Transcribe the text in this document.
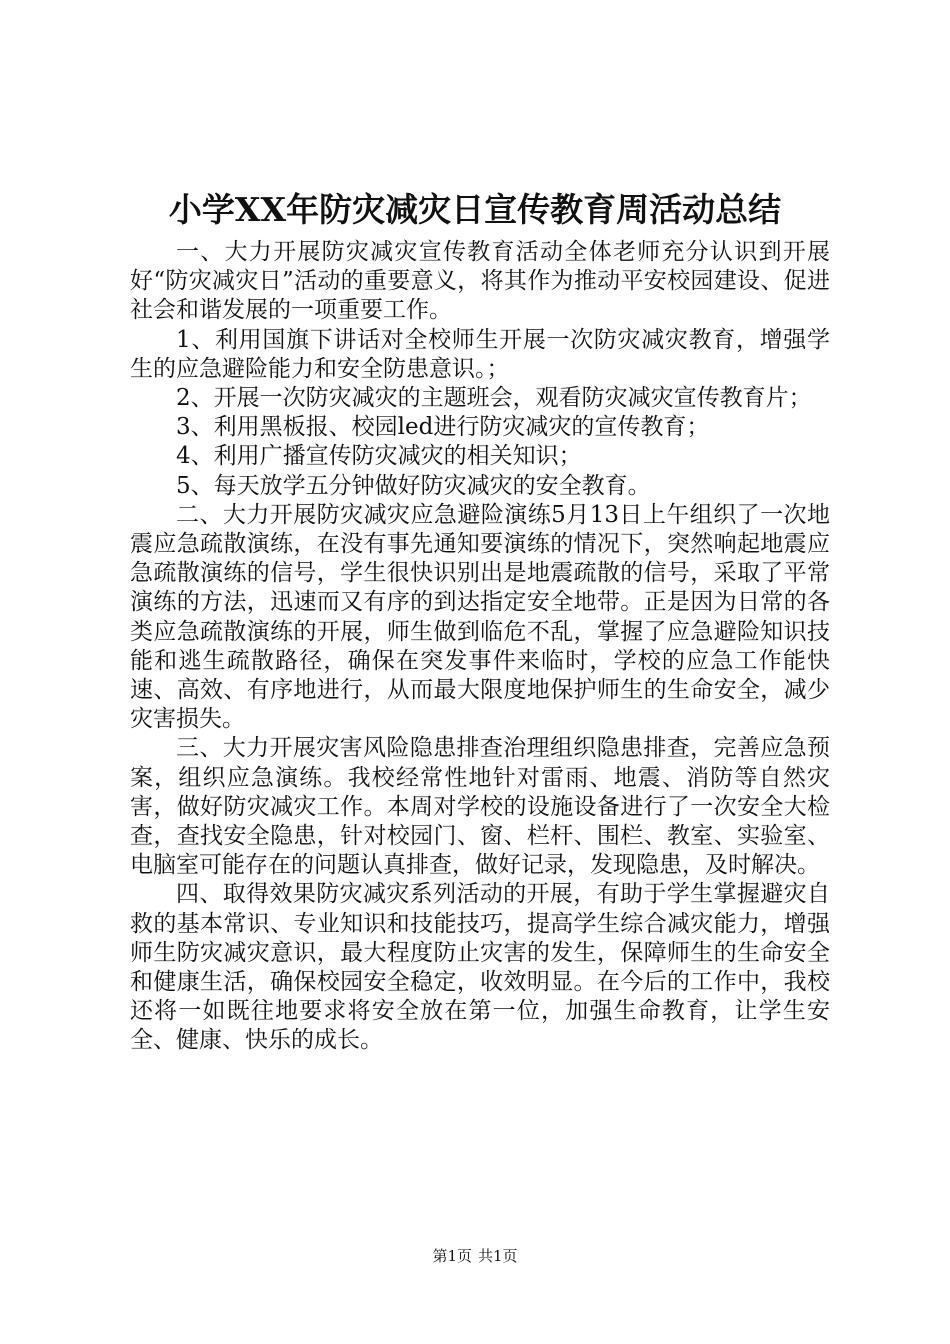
小学XX年防灾减灾日宣传教育周活动总结

一、大力开展防灾减灾宣传教育活动全体老师充分认识到开展好“防灾减灾日”活动的重要意义，将其作为推动平安校园建设、促进社会和谐发展的一项重要工作。

1、利用国旗下讲话对全校师生开展一次防灾减灾教育，增强学生的应急避险能力和安全防患意识。；

2、开展一次防灾减灾的主题班会，观看防灾减灾宣传教育片；

3、利用黑板报、校园led进行防灾减灾的宣传教育；

4、利用广播宣传防灾减灾的相关知识；

5、每天放学五分钟做好防灾减灾的安全教育。

二、大力开展防灾减灾应急避险演练5月13日上午组织了一次地震应急疏散演练，在没有事先通知要演练的情况下，突然响起地震应急疏散演练的信号，学生很快识别出是地震疏散的信号，采取了平常演练的方法，迅速而又有序的到达指定安全地带。正是因为日常的各类应急疏散演练的开展，师生做到临危不乱，掌握了应急避险知识技能和逃生疏散路径，确保在突发事件来临时，学校的应急工作能快速、高效、有序地进行，从而最大限度地保护师生的生命安全，减少灾害损失。

三、大力开展灾害风险隐患排查治理组织隐患排查，完善应急预案，组织应急演练。我校经常性地针对雷雨、地震、消防等自然灾害，做好防灾减灾工作。本周对学校的设施设备进行了一次安全大检查，查找安全隐患，针对校园门、窗、栏杆、围栏、教室、实验室、电脑室可能存在的问题认真排查，做好记录，发现隐患，及时解决。

四、取得效果防灾减灾系列活动的开展，有助于学生掌握避灾自救的基本常识、专业知识和技能技巧，提高学生综合减灾能力，增强师生防灾减灾意识，最大程度防止灾害的发生，保障师生的生命安全和健康生活，确保校园安全稳定，收效明显。在今后的工作中，我校还将一如既往地要求将安全放在第一位，加强生命教育，让学生安全、健康、快乐的成长。

第1页 共1页
